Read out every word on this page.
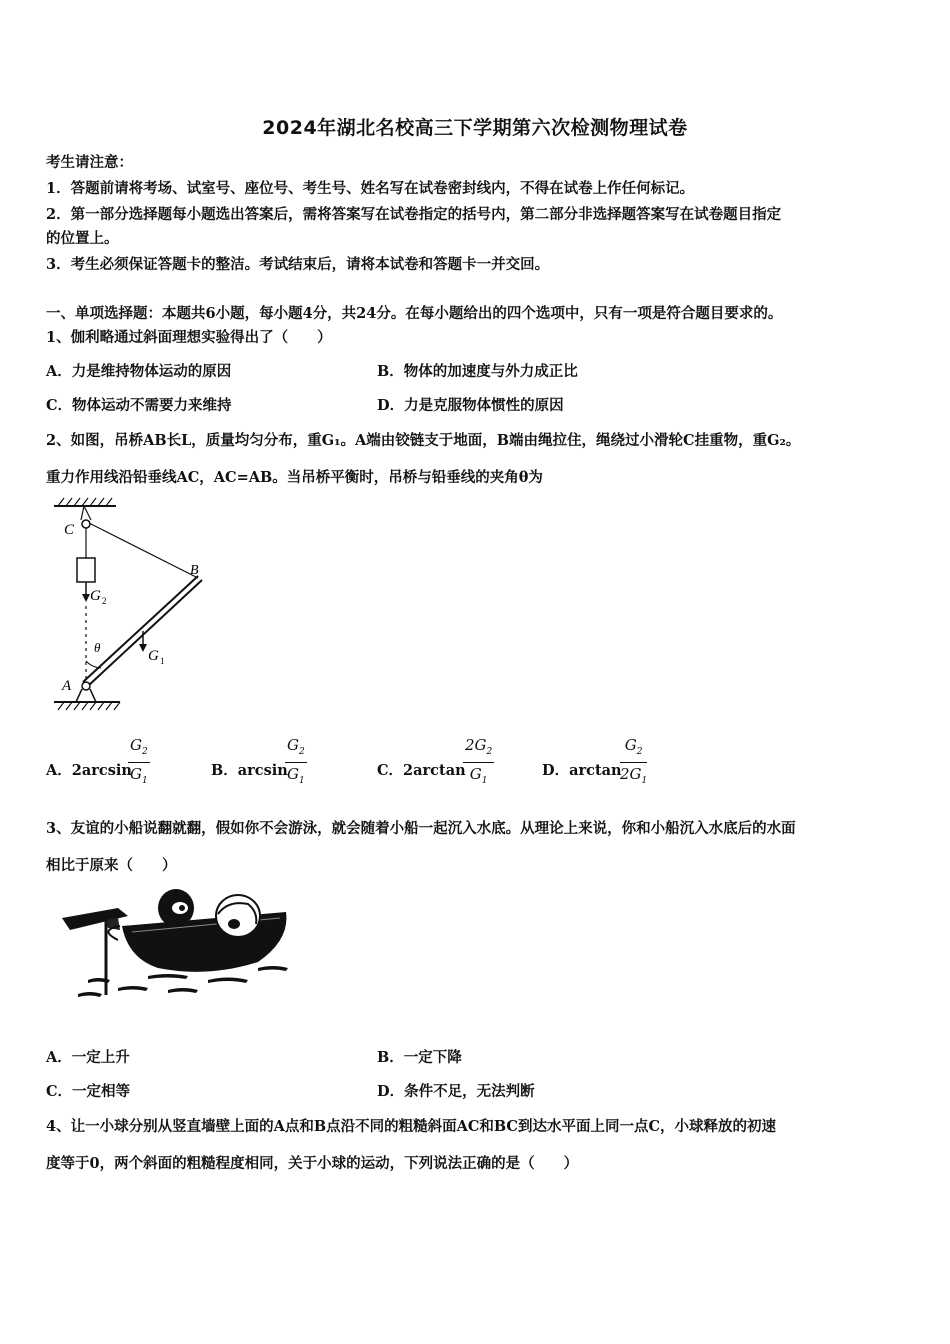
2024年湖北名校高三下学期第六次检测物理试卷
考生请注意：
1．答题前请将考场、试室号、座位号、考生号、姓名写在试卷密封线内，不得在试卷上作任何标记。
2．第一部分选择题每小题选出答案后，需将答案写在试卷指定的括号内，第二部分非选择题答案写在试卷题目指定
的位置上。
3．考生必须保证答题卡的整洁。考试结束后，请将本试卷和答题卡一并交回。
一、单项选择题：本题共6小题，每小题4分，共24分。在每小题给出的四个选项中，只有一项是符合题目要求的。
1、伽利略通过斜面理想实验得出了（　　）
A．力是维持物体运动的原因	B．物体的加速度与外力成正比
C．物体运动不需要力来维持	D．力是克服物体惯性的原因
2、如图，吊桥AB长L，质量均匀分布，重G₁。A端由铰链支于地面，B端由绳拉住，绳绕过小滑轮C挂重物，重G₂。
重力作用线沿铅垂线AC，AC=AB。当吊桥平衡时，吊桥与铅垂线的夹角θ为
C
B
A
θ
G 2
G 1
A．2arcsin
$\frac{G_2}{G_1}$	B．arcsin
$\frac{G_2}{G_1}$	C．2arctan
$\frac{2G_2}{G_1}$	D．arctan
$\frac{G_2}{2G_1}$
3、友谊的小船说翻就翻，假如你不会游泳，就会随着小船一起沉入水底。从理论上来说，你和小船沉入水底后的水面
相比于原来（　　）
A．一定上升	B．一定下降
C．一定相等	D．条件不足，无法判断
4、让一小球分别从竖直墙壁上面的A点和B点沿不同的粗糙斜面AC和BC到达水平面上同一点C，小球释放的初速
度等于0，两个斜面的粗糙程度相同，关于小球的运动，下列说法正确的是（　　）
